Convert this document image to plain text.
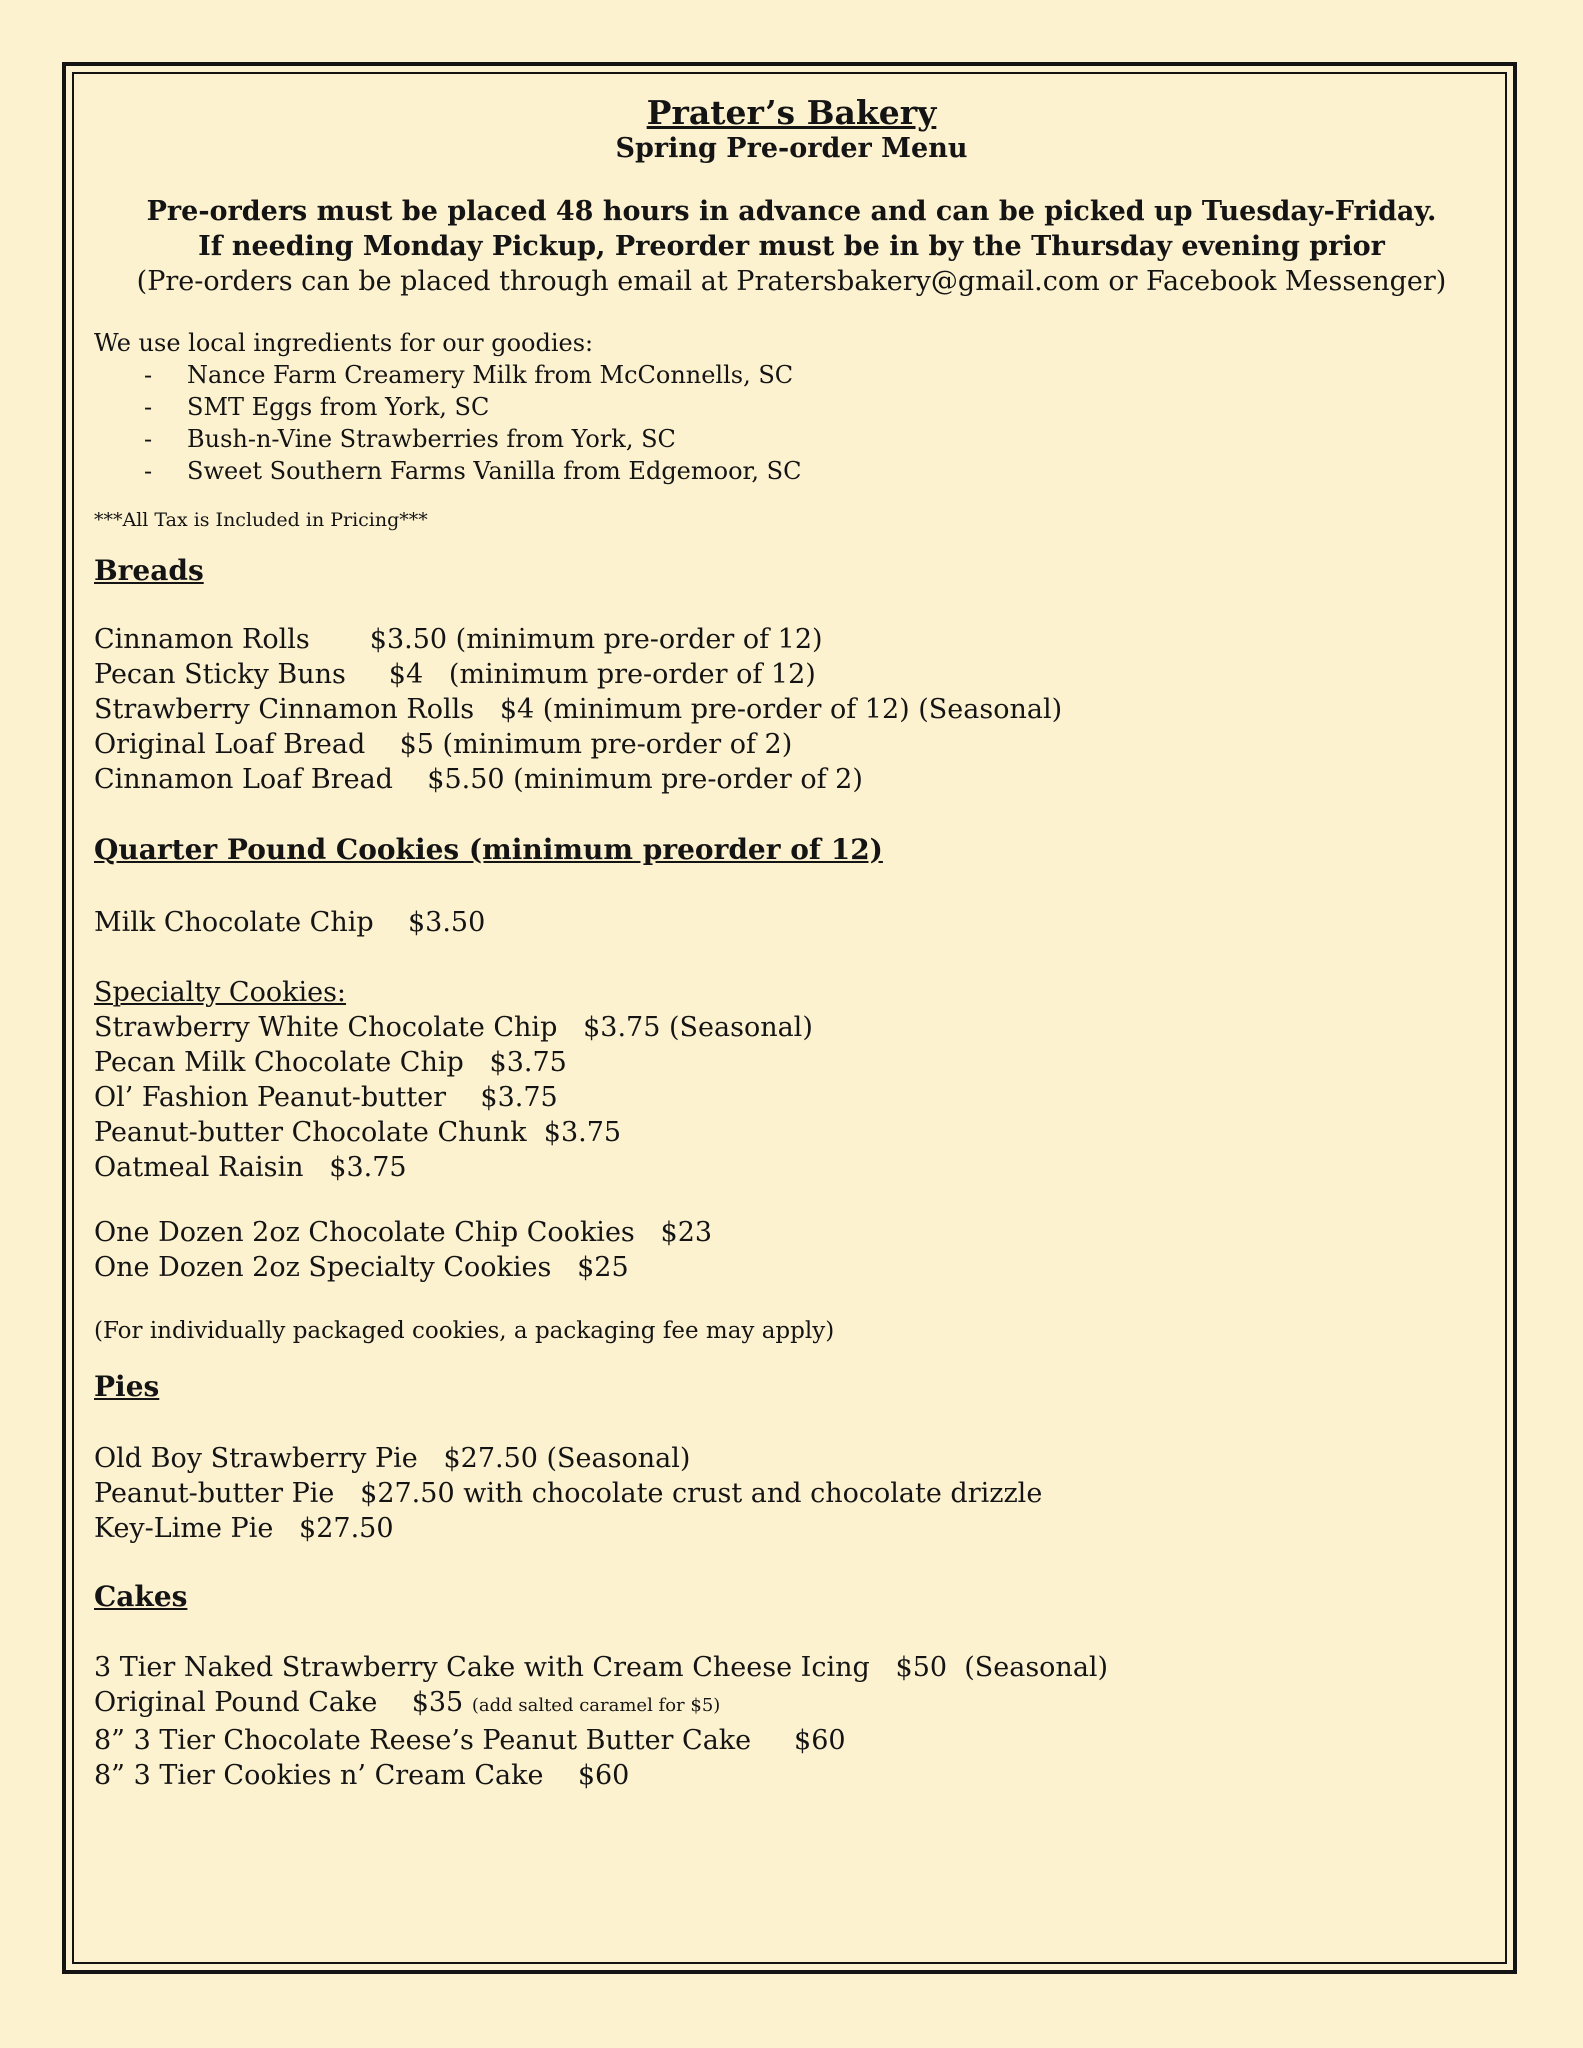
Prater’s Bakery

Spring Pre-order Menu

Pre-orders must be placed 48 hours in advance and can be picked up Tuesday-Friday.

If needing Monday Pickup, Preorder must be in by the Thursday evening prior

(Pre-orders can be placed through email at Pratersbakery@gmail.com or Facebook Messenger)

We use local ingredients for our goodies:

-	Nance Farm Creamery Milk from McConnells, SC
-	SMT Eggs from York, SC
-	Bush-n-Vine Strawberries from York, SC
-	Sweet Southern Farms Vanilla from Edgemoor, SC

***All Tax is Included in Pricing***

Breads

Cinnamon Rolls       $3.50 (minimum pre-order of 12)

Pecan Sticky Buns     $4   (minimum pre-order of 12)

Strawberry Cinnamon Rolls   $4 (minimum pre-order of 12) (Seasonal)

Original Loaf Bread    $5 (minimum pre-order of 2)

Cinnamon Loaf Bread    $5.50 (minimum pre-order of 2)

Quarter Pound Cookies (minimum preorder of 12)

Milk Chocolate Chip    $3.50

Specialty Cookies:

Strawberry White Chocolate Chip   $3.75 (Seasonal)

Pecan Milk Chocolate Chip   $3.75

Ol’ Fashion Peanut-butter    $3.75

Peanut-butter Chocolate Chunk  $3.75

Oatmeal Raisin   $3.75

One Dozen 2oz Chocolate Chip Cookies   $23

One Dozen 2oz Specialty Cookies   $25

(For individually packaged cookies, a packaging fee may apply)

Pies

Old Boy Strawberry Pie   $27.50 (Seasonal)

Peanut-butter Pie   $27.50 with chocolate crust and chocolate drizzle

Key-Lime Pie   $27.50

Cakes

3 Tier Naked Strawberry Cake with Cream Cheese Icing   $50  (Seasonal)

Original Pound Cake    $35 (add salted caramel for $5)

8” 3 Tier Chocolate Reese’s Peanut Butter Cake     $60

8” 3 Tier Cookies n’ Cream Cake    $60
